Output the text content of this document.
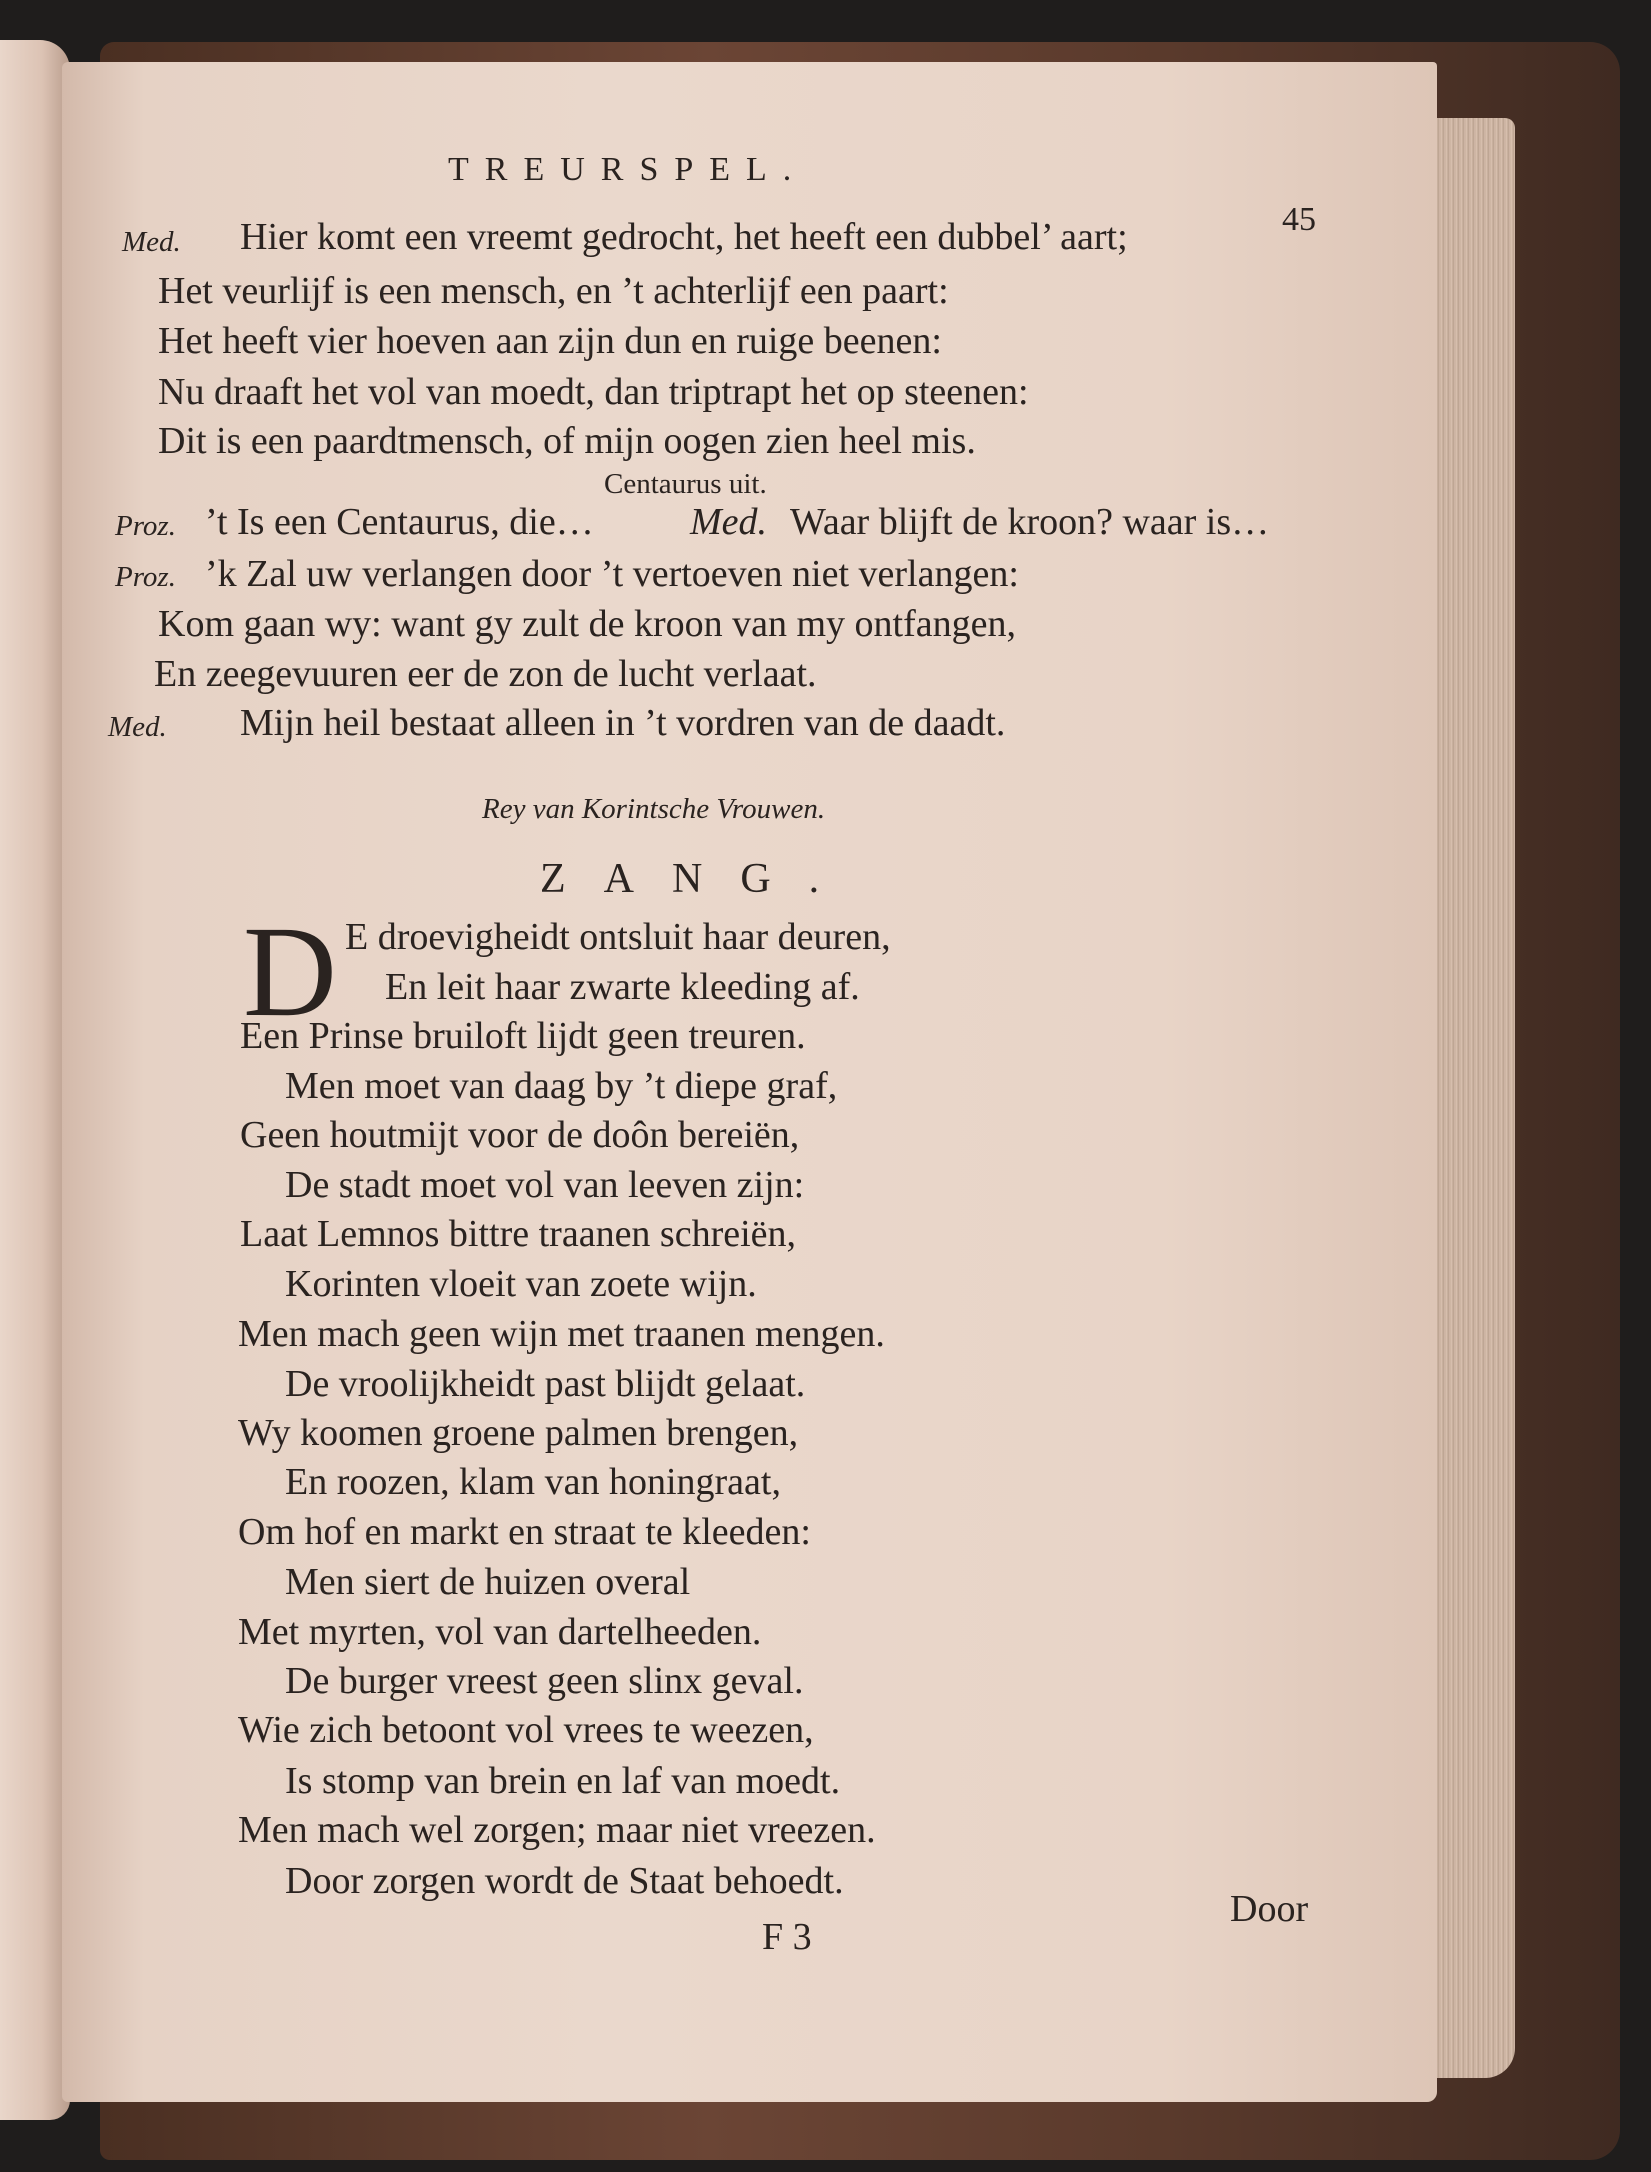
TREURSPEL.
45
Med. Hier komt een vreemt gedrocht, het heeft een dubbel’ aart;
Het veurlijf is een mensch, en ’t achterlijf een paart:
Het heeft vier hoeven aan zijn dun en ruige beenen:
Nu draaft het vol van moedt, dan triptrapt het op steenen:
Dit is een paardtmensch, of mijn oogen zien heel mis.
Centaurus uit.
Proz. ’t Is een Centaurus, die…	Med. Waar blijft de kroon? waar is…
Proz. ’k Zal uw verlangen door ’t vertoeven niet verlangen:
Kom gaan wy: want gy zult de kroon van my ontfangen,
En zeegevuuren eer de zon de lucht verlaat.
Med. Mijn heil bestaat alleen in ’t vordren van de daadt.
Rey van Korintsche Vrouwen.
ZANG.
D E droevigheidt ontsluit haar deuren,
En leit haar zwarte kleeding af.
Een Prinse bruiloft lijdt geen treuren.
Men moet van daag by ’t diepe graf,
Geen houtmijt voor de doôn bereiën,
De stadt moet vol van leeven zijn:
Laat Lemnos bittre traanen schreiën,
Korinten vloeit van zoete wijn.
Men mach geen wijn met traanen mengen.
De vroolijkheidt past blijdt gelaat.
Wy koomen groene palmen brengen,
En roozen, klam van honingraat,
Om hof en markt en straat te kleeden:
Men siert de huizen overal
Met myrten, vol van dartelheeden.
De burger vreest geen slinx geval.
Wie zich betoont vol vrees te weezen,
Is stomp van brein en laf van moedt.
Men mach wel zorgen; maar niet vreezen.
Door zorgen wordt de Staat behoedt.
F 3
Door
